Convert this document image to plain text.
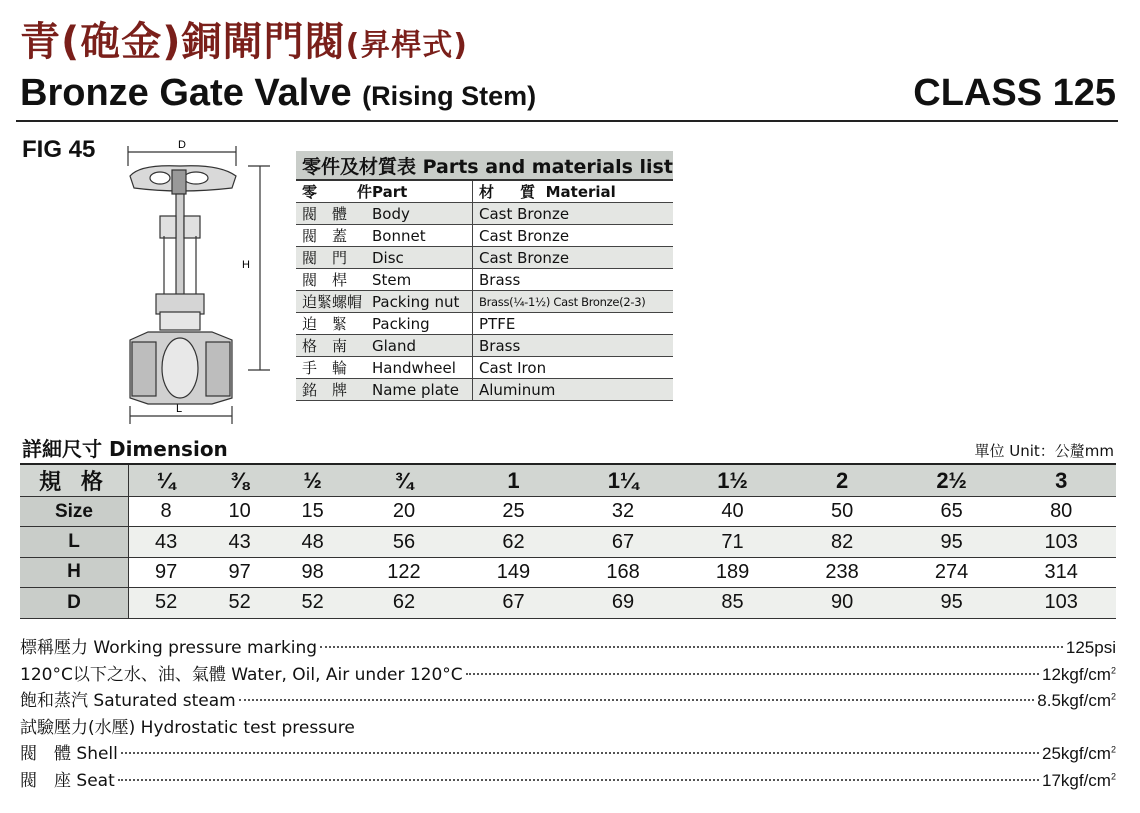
青(砲金)銅閘門閥(昇桿式)
Bronze Gate Valve (Rising Stem)	CLASS 125
FIG 45	D
H
L
零件及材質表 Parts and materials list	
零 件Part	材 質 Material
閥　體 Body	Cast Bronze
閥　蓋 Bonnet	Cast Bronze
閥　門 Disc	Cast Bronze
閥　桿 Stem	Brass
迫緊螺帽 Packing nut	Brass(¼-1½) Cast Bronze(2-3)
迫　緊 Packing	PTFE
格　南 Gland	Brass
手　輪 Handwheel	Cast Iron
銘　牌 Name plate	Aluminum
詳細尺寸 Dimension	單位 Unit：公釐mm
規 格	¼	⅜	½	¾	1	1¼	1½	2	2½	3
Size	8	10	15	20	25	32	40	50	65	80
L	43	43	48	56	62	67	71	82	95	103
H	97	97	98	122	149	168	189	238	274	314
D	52	52	52	62	67	69	85	90	95	103
標稱壓力 Working pressure marking	125psi
120°C以下之水、油、氣體 Water, Oil, Air under 120°C	$12kgf/cm^2$
飽和蒸汽 Saturated steam	$8.5kgf/cm^2$
試驗壓力(水壓) Hydrostatic test pressure
閥　體 Shell	$25kgf/cm^2$
閥　座 Seat	$17kgf/cm^2$
